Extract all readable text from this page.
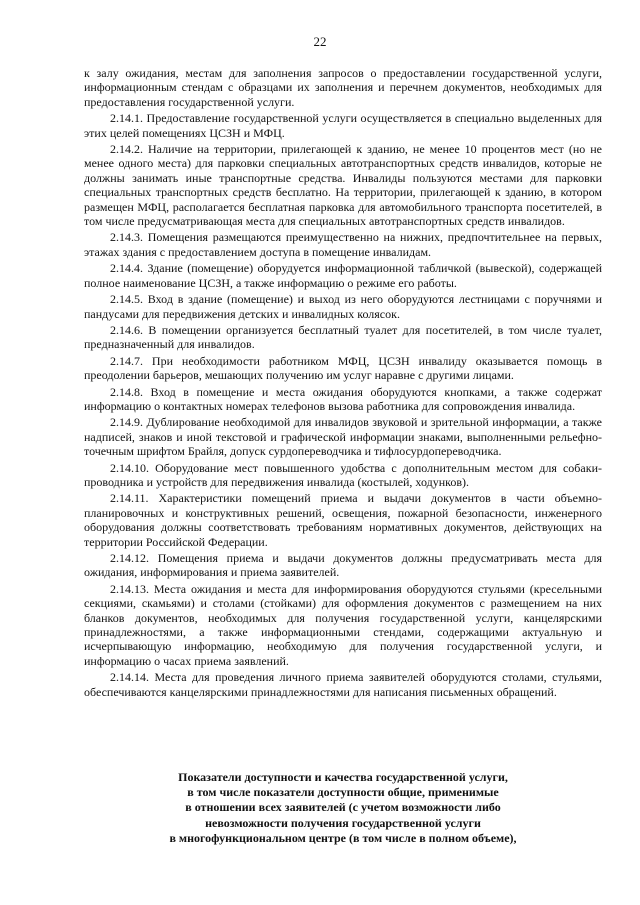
22

к залу ожидания, местам для заполнения запросов о предоставлении государственной услуги, информационным стендам с образцами их заполнения и перечнем документов, необходимых для предоставления государственной услуги.

2.14.1. Предоставление государственной услуги осуществляется в специально выделенных для этих целей помещениях ЦСЗН и МФЦ.

2.14.2. Наличие на территории, прилегающей к зданию, не менее 10 процентов мест (но не менее одного места) для парковки специальных автотранспортных средств инвалидов, которые не должны занимать иные транспортные средства. Инвалиды пользуются местами для парковки специальных транспортных средств бесплатно. На территории, прилегающей к зданию, в котором размещен МФЦ, располагается бесплатная парковка для автомобильного транспорта посетителей, в том числе предусматривающая места для специальных автотранспортных средств инвалидов.

2.14.3. Помещения размещаются преимущественно на нижних, предпочтительнее на первых, этажах здания с предоставлением доступа в помещение инвалидам.

2.14.4. Здание (помещение) оборудуется информационной табличкой (вывеской), содержащей полное наименование ЦСЗН, а также информацию о режиме его работы.

2.14.5. Вход в здание (помещение) и выход из него оборудуются лестницами с поручнями и пандусами для передвижения детских и инвалидных колясок.

2.14.6. В помещении организуется бесплатный туалет для посетителей, в том числе туалет, предназначенный для инвалидов.

2.14.7. При необходимости работником МФЦ, ЦСЗН инвалиду оказывается помощь в преодолении барьеров, мешающих получению им услуг наравне с другими лицами.

2.14.8. Вход в помещение и места ожидания оборудуются кнопками, а также содержат информацию о контактных номерах телефонов вызова работника для сопровождения инвалида.

2.14.9. Дублирование необходимой для инвалидов звуковой и зрительной информации, а также надписей, знаков и иной текстовой и графической информации знаками, выполненными рельефно-точечным шрифтом Брайля, допуск сурдопереводчика и тифлосурдопереводчика.

2.14.10. Оборудование мест повышенного удобства с дополнительным местом для собаки-проводника и устройств для передвижения инвалида (костылей, ходунков).

2.14.11. Характеристики помещений приема и выдачи документов в части объемно-планировочных и конструктивных решений, освещения, пожарной безопасности, инженерного оборудования должны соответствовать требованиям нормативных документов, действующих на территории Российской Федерации.

2.14.12. Помещения приема и выдачи документов должны предусматривать места для ожидания, информирования и приема заявителей.

2.14.13. Места ожидания и места для информирования оборудуются стульями (кресельными секциями, скамьями) и столами (стойками) для оформления документов с размещением на них бланков документов, необходимых для получения государственной услуги, канцелярскими принадлежностями, а также информационными стендами, содержащими актуальную и исчерпывающую информацию, необходимую для получения государственной услуги, и информацию о часах приема заявлений.

2.14.14. Места для проведения личного приема заявителей оборудуются столами, стульями, обеспечиваются канцелярскими принадлежностями для написания письменных обращений.

Показатели доступности и качества государственной услуги,
в том числе показатели доступности общие, применимые
в отношении всех заявителей (с учетом возможности либо
невозможности получения государственной услуги
в многофункциональном центре (в том числе в полном объеме),
